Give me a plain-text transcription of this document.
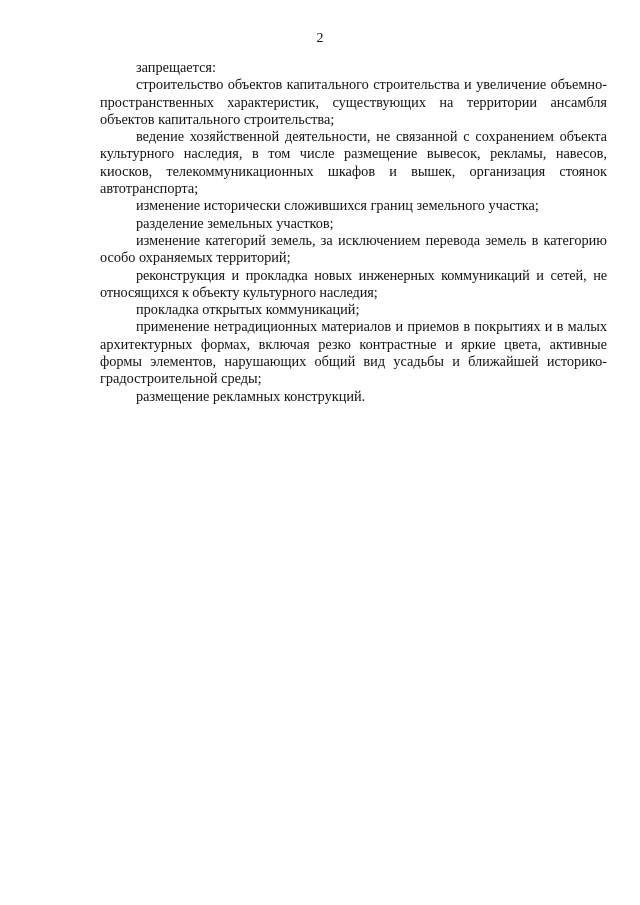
2

запрещается:

строительство объектов капитального строительства и увеличение объемно-пространственных характеристик, существующих на территории ансамбля объектов капитального строительства;

ведение хозяйственной деятельности, не связанной с сохранением объекта культурного наследия, в том числе размещение вывесок, рекламы, навесов, киосков, телекоммуникационных шкафов и вышек, организация стоянок автотранспорта;

изменение исторически сложившихся границ земельного участка;

разделение земельных участков;

изменение категорий земель, за исключением перевода земель в категорию особо охраняемых территорий;

реконструкция и прокладка новых инженерных коммуникаций и сетей, не относящихся к объекту культурного наследия;

прокладка открытых коммуникаций;

применение нетрадиционных материалов и приемов в покрытиях и в малых архитектурных формах, включая резко контрастные и яркие цвета, активные формы элементов, нарушающих общий вид усадьбы и ближайшей историко-градостроительной среды;

размещение рекламных конструкций.
